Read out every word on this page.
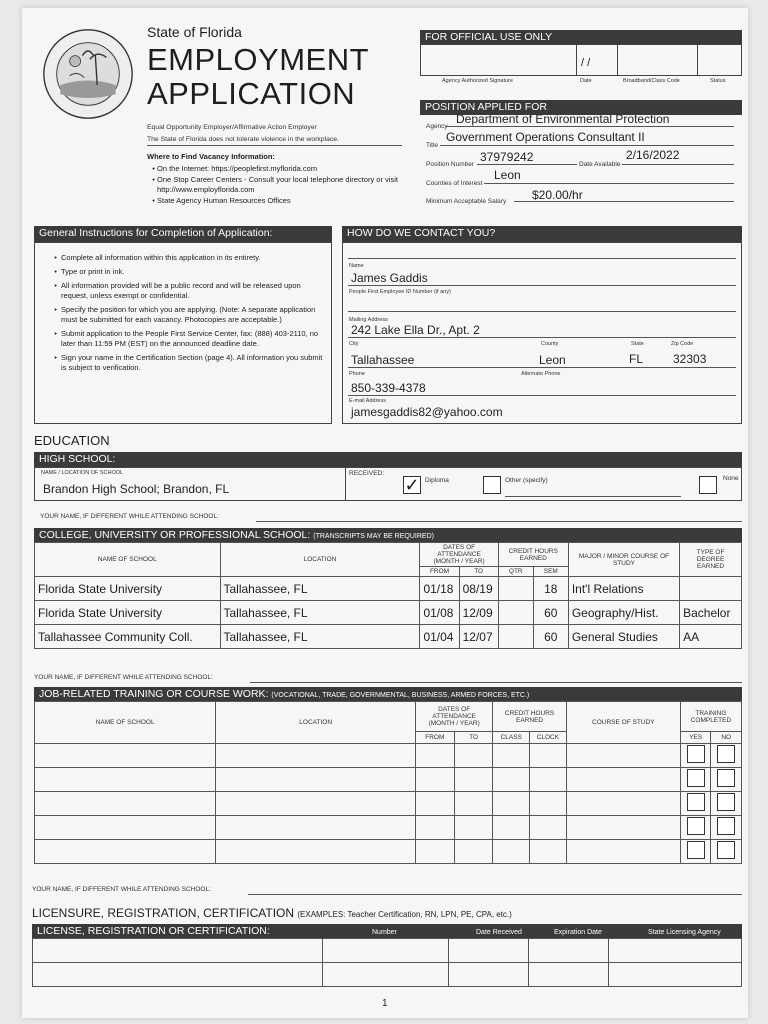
State of Florida
EMPLOYMENT
APPLICATION
Equal Opportunity Employer/Affirmative Action Employer
The State of Florida does not tolerate violence in the workplace.
Where to Find Vacancy Information:
• On the Internet: https://peoplefirst.myflorida.com
• One Stop Career Centers - Consult your local telephone directory or visit http://www.employflorida.com
• State Agency Human Resources Offices
FOR OFFICIAL USE ONLY
/ /
Agency Authorized Signature	Date	Broadband/Class Code	Status
POSITION APPLIED FOR
Agency
Department of Environmental Protection
Title
Government Operations Consultant II
Position Number
37979242
Date Available
2/16/2022
Counties of Interest
Leon
Minimum Acceptable Salary $20.00/hr
General Instructions for Completion of Application:
• Complete all information within this application in its entirety.
• Type or print in ink.
• All information provided will be a public record and will be released upon request, unless exempt or confidential.
• Specify the position for which you are applying. (Note: A separate application must be submitted for each vacancy. Photocopies are acceptable.)
• Submit application to the People First Service Center, fax: (888) 403-2110, no later than 11:59 PM (EST) on the announced deadline date.
• Sign your name in the Certification Section (page 4). All information you submit is subject to verification.
HOW DO WE CONTACT YOU?
Name
James Gaddis
People First Employee ID Number (if any)
Mailing Address
242 Lake Ella Dr., Apt. 2
City	County	State	Zip Code
Tallahassee	Leon	FL 32303
Phone	Alternate Phone
850-339-4378
E-mail Address
jamesgaddis82@yahoo.com
EDUCATION
HIGH SCHOOL:
NAME / LOCATION OF SCHOOL
Brandon High School; Brandon, FL
RECEIVED:
✓ Diploma	Other (specify)	None
YOUR NAME, IF DIFFERENT WHILE ATTENDING SCHOOL:
COLLEGE, UNIVERSITY OR PROFESSIONAL SCHOOL: (TRANSCRIPTS MAY BE REQUIRED)
NAME OF SCHOOL	LOCATION	DATES OF ATTENDANCE (MONTH / YEAR)		CREDIT HOURS EARNED		MAJOR / MINOR COURSE OF STUDY	TYPE OF DEGREE EARNED
		FROM	TO	QTR	SEM		
Florida State University	Tallahassee, FL	01/18	08/19		18	Int'l Relations	
Florida State University	Tallahassee, FL	01/08	12/09		60	Geography/Hist.	Bachelor
Tallahassee Community Coll.	Tallahassee, FL	01/04	12/07		60	General Studies	AA
YOUR NAME, IF DIFFERENT WHILE ATTENDING SCHOOL:
JOB-RELATED TRAINING OR COURSE WORK: (VOCATIONAL, TRADE, GOVERNMENTAL, BUSINESS, ARMED FORCES, ETC.)
NAME OF SCHOOL	LOCATION	DATES OF ATTENDANCE (MONTH / YEAR)		CREDIT HOURS EARNED		COURSE OF STUDY	TRAINING COMPLETED	
		FROM	TO	CLASS	CLOCK		YES	NO

YOUR NAME, IF DIFFERENT WHILE ATTENDING SCHOOL:
LICENSURE, REGISTRATION, CERTIFICATION (EXAMPLES: Teacher Certification, RN, LPN, PE, CPA, etc.)
LICENSE, REGISTRATION OR CERTIFICATION:	Number	Date Received	Expiration Date	State Licensing Agency

1
